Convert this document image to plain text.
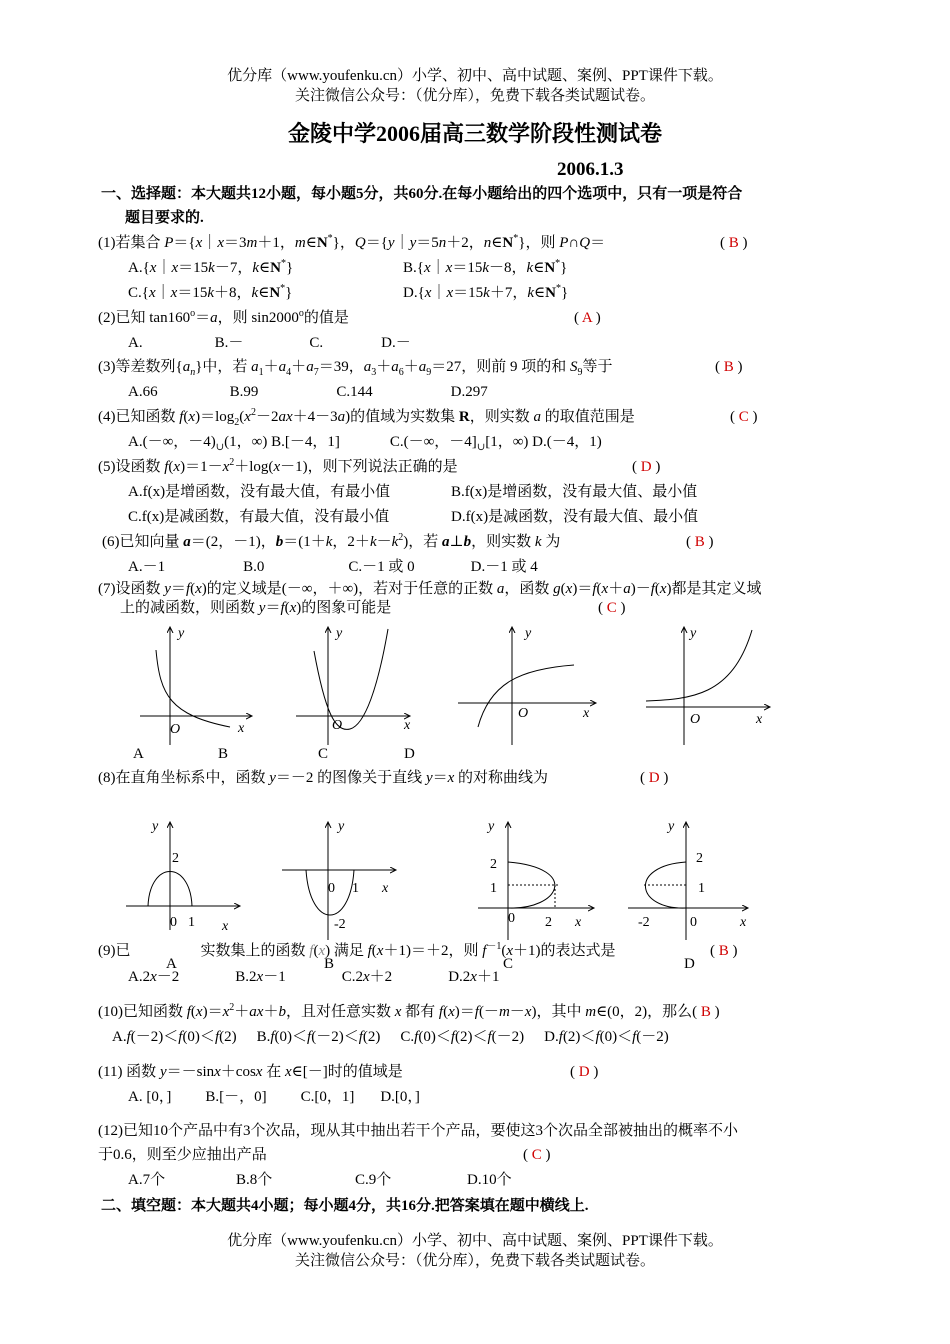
优分库（www.youfenku.cn）小学、初中、高中试题、案例、PPT课件下载。
关注微信公众号：（优分库），免费下载各类试题试卷。
金陵中学2006届高三数学阶段性测试卷
2006.1.3
一、选择题：本大题共12小题，每小题5分，共60分.在每小题给出的四个选项中，只有一项是符合
题目要求的.
(1)若集合 P＝{x｜x＝3m＋1，m∈N*}，Q＝{y｜y＝5n＋2，n∈N*}，则 P∩Q＝	( B )
A.{x｜x＝15k－7，k∈N*}	B.{x｜x＝15k－8，k∈N*}
C.{x｜x＝15k＋8，k∈N*}	D.{x｜x＝15k＋7，k∈N*}
(2)已知 $\tan 160^o=a$，则 sin2000$^o$的值是	( A )
A.	B.－	C.	D.－
(3)等差数列$\{a_n\}$中，若 $a_1+a_4+a_7=39$，$a_3+a_6+a_9=27$，则前 9 项的和 $S_9$等于	( B )
A.66	B.99	C.144	D.297
(4)已知函数 $f(x)=\log_2(x^2-2ax+4-3a)$的值域为实数集 R，则实数 a 的取值范围是	( C )
A.(－∞，$-4)_\cup(1$，∞) B.[－4，1]	C.(－∞，$-4]_\cup[1$，∞) D.(－4，1)
(5)设函数 $f(x)=1-x^2+\log(x-1)$，则下列说法正确的是	( D )
A.f(x)是增函数，没有最大值，有最小值	B.f(x)是增函数，没有最大值、最小值
C.f(x)是减函数，有最大值，没有最小值	D.f(x)是减函数，没有最大值、最小值
(6)已知向量 a＝(2，－1)，b＝(1＋k，$2+k-k^2$)，若 a⊥b，则实数 k 为	( B )
A.－1	B.0	C.－1 或 0	D.－1 或 4
(7)设函数 y＝f(x)的定义域是(－∞，＋∞)，若对于任意的正数 a，函数 g(x)＝f(x＋a)－f(x)都是其定义域
上的减函数，则函数 y＝f(x)的图象可能是	( C )
y
O	x
y
O	x
y
O	x
y
O	x
A	B	C	D
(8)在直角坐标系中，函数 y＝－2 的图像关于直线 y＝x 的对称曲线为	( D )
y
2
0 1 x
y
0 1
-2
x
y
2
1
0 2 x
y
2
1
-2	0	x
A	B	C	D
(9)已	实数集上的函数 f(x) 满足 f(x＋1)＝＋2，则 $f^{-1}(x+1)$的表达式是	( B )
A.2x－2	B.2x－1	C.2x＋2	D.2x＋1
(10)已知函数 $f(x)=x^2+ax+b$，且对任意实数 x 都有 f(x)＝f(－m－x)，其中 m∈(0，2)，那么( B )
A.f(－2)＜f(0)＜f(2) B.f(0)＜f(－2)＜f(2) C.f(0)＜f(2)＜f(－2) D.f(2)＜f(0)＜f(－2)
(11) 函数 y＝－sinx＋cosx 在 x∈[－]时的值域是	( D )
A. [0，] B.[－，0] C.[0，1] D.[0，]
(12)已知10个产品中有3个次品，现从其中抽出若干个产品，要使这3个次品全部被抽出的概率不小
于0.6，则至少应抽出产品	( C )
A.7个	B.8个	C.9个	D.10个
二、填空题：本大题共4小题；每小题4分，共16分.把答案填在题中横线上.
优分库（www.youfenku.cn）小学、初中、高中试题、案例、PPT课件下载。
关注微信公众号：（优分库），免费下载各类试题试卷。
